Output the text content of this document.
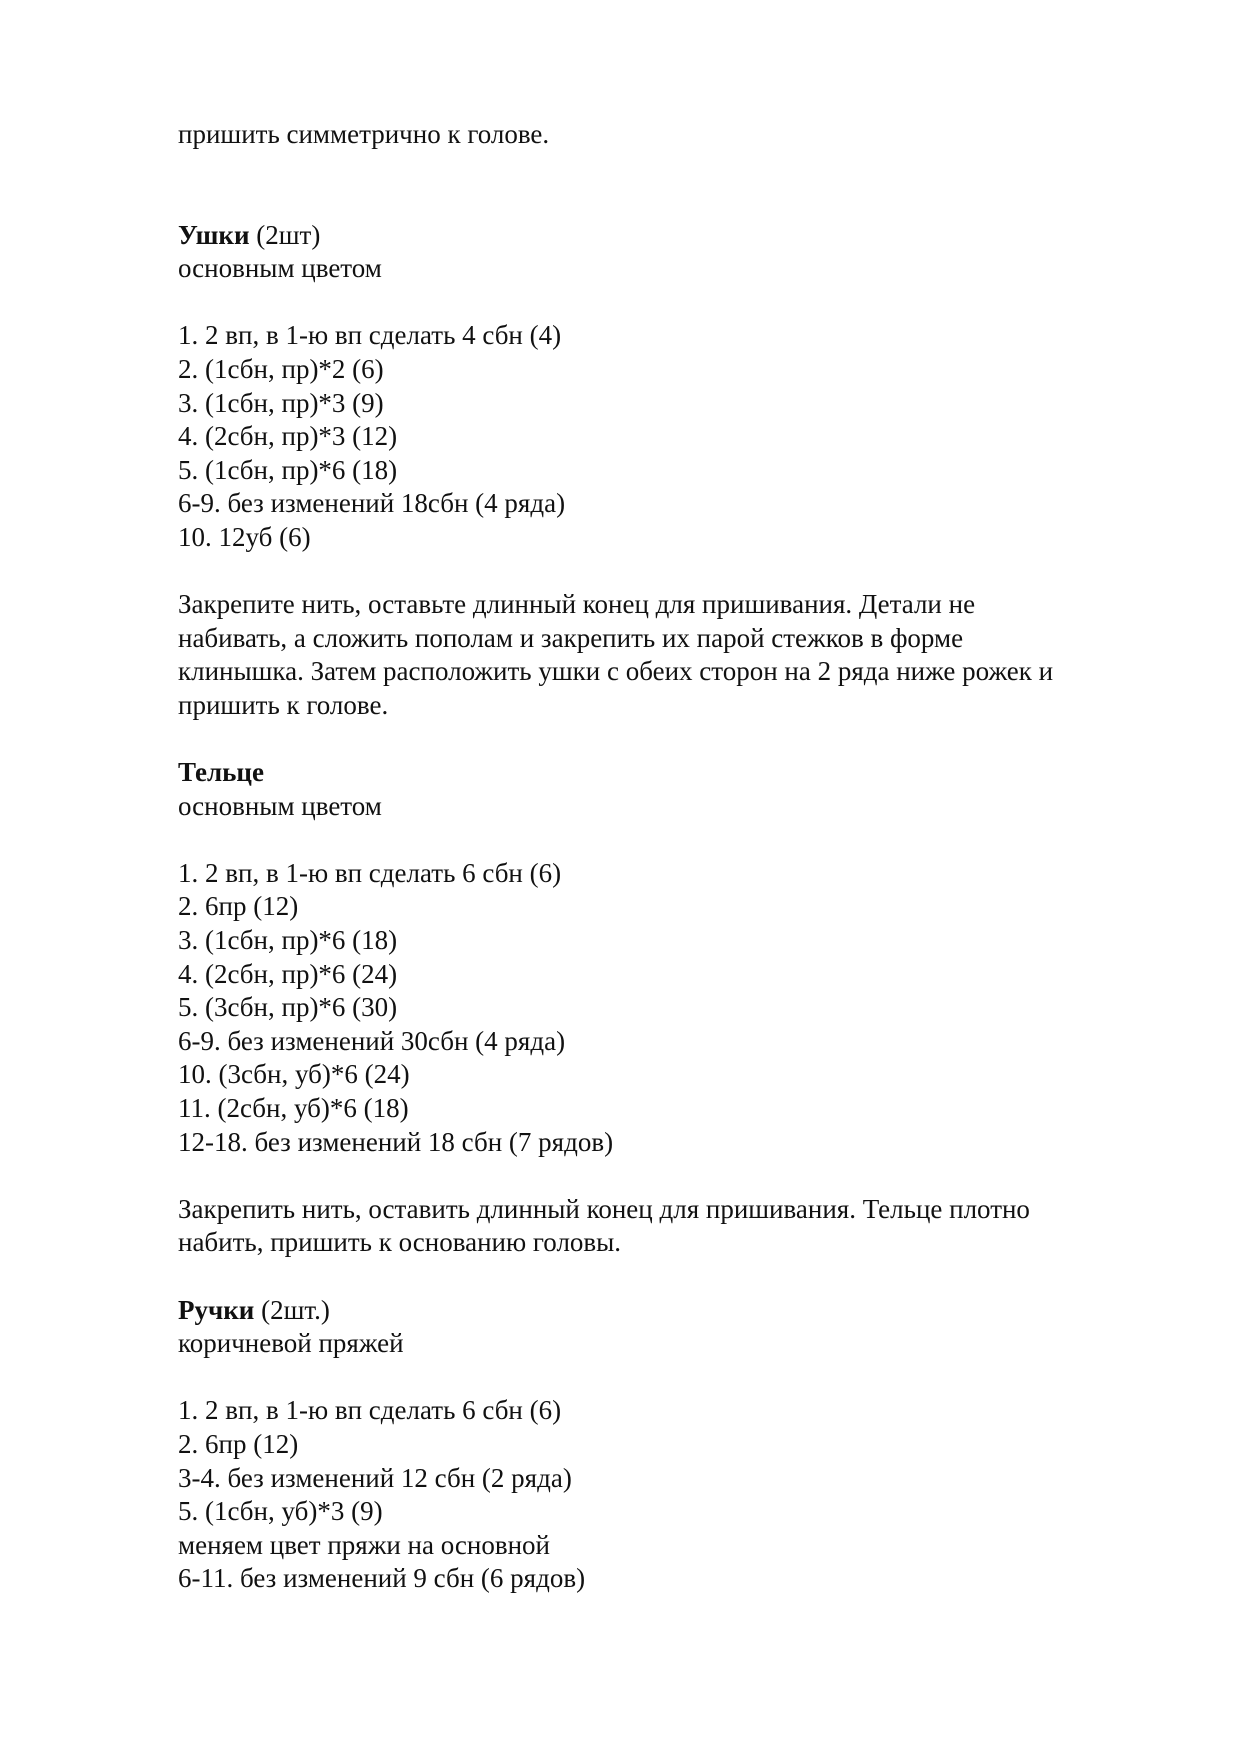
пришить симметрично к голове.
Ушки (2шт)
основным цветом
1. 2 вп, в 1-ю вп сделать 4 сбн (4)
2. (1сбн, пр)*2 (6)
3. (1сбн, пр)*3 (9)
4. (2сбн, пр)*3 (12)
5. (1сбн, пр)*6 (18)
6-9. без изменений 18сбн (4 ряда)
10. 12уб (6)
Закрепите нить, оставьте длинный конец для пришивания. Детали не
набивать, а сложить пополам и закрепить их парой стежков в форме
клинышка. Затем расположить ушки с обеих сторон на 2 ряда ниже рожек и
пришить к голове.
Тельце
основным цветом
1. 2 вп, в 1-ю вп сделать 6 сбн (6)
2. 6пр (12)
3. (1сбн, пр)*6 (18)
4. (2сбн, пр)*6 (24)
5. (3сбн, пр)*6 (30)
6-9. без изменений 30сбн (4 ряда)
10. (3сбн, уб)*6 (24)
11. (2сбн, уб)*6 (18)
12-18. без изменений 18 сбн (7 рядов)
Закрепить нить, оставить длинный конец для пришивания. Тельце плотно
набить, пришить к основанию головы.
Ручки (2шт.)
коричневой пряжей
1. 2 вп, в 1-ю вп сделать 6 сбн (6)
2. 6пр (12)
3-4. без изменений 12 сбн (2 ряда)
5. (1сбн, уб)*3 (9)
меняем цвет пряжи на основной
6-11. без изменений 9 сбн (6 рядов)
